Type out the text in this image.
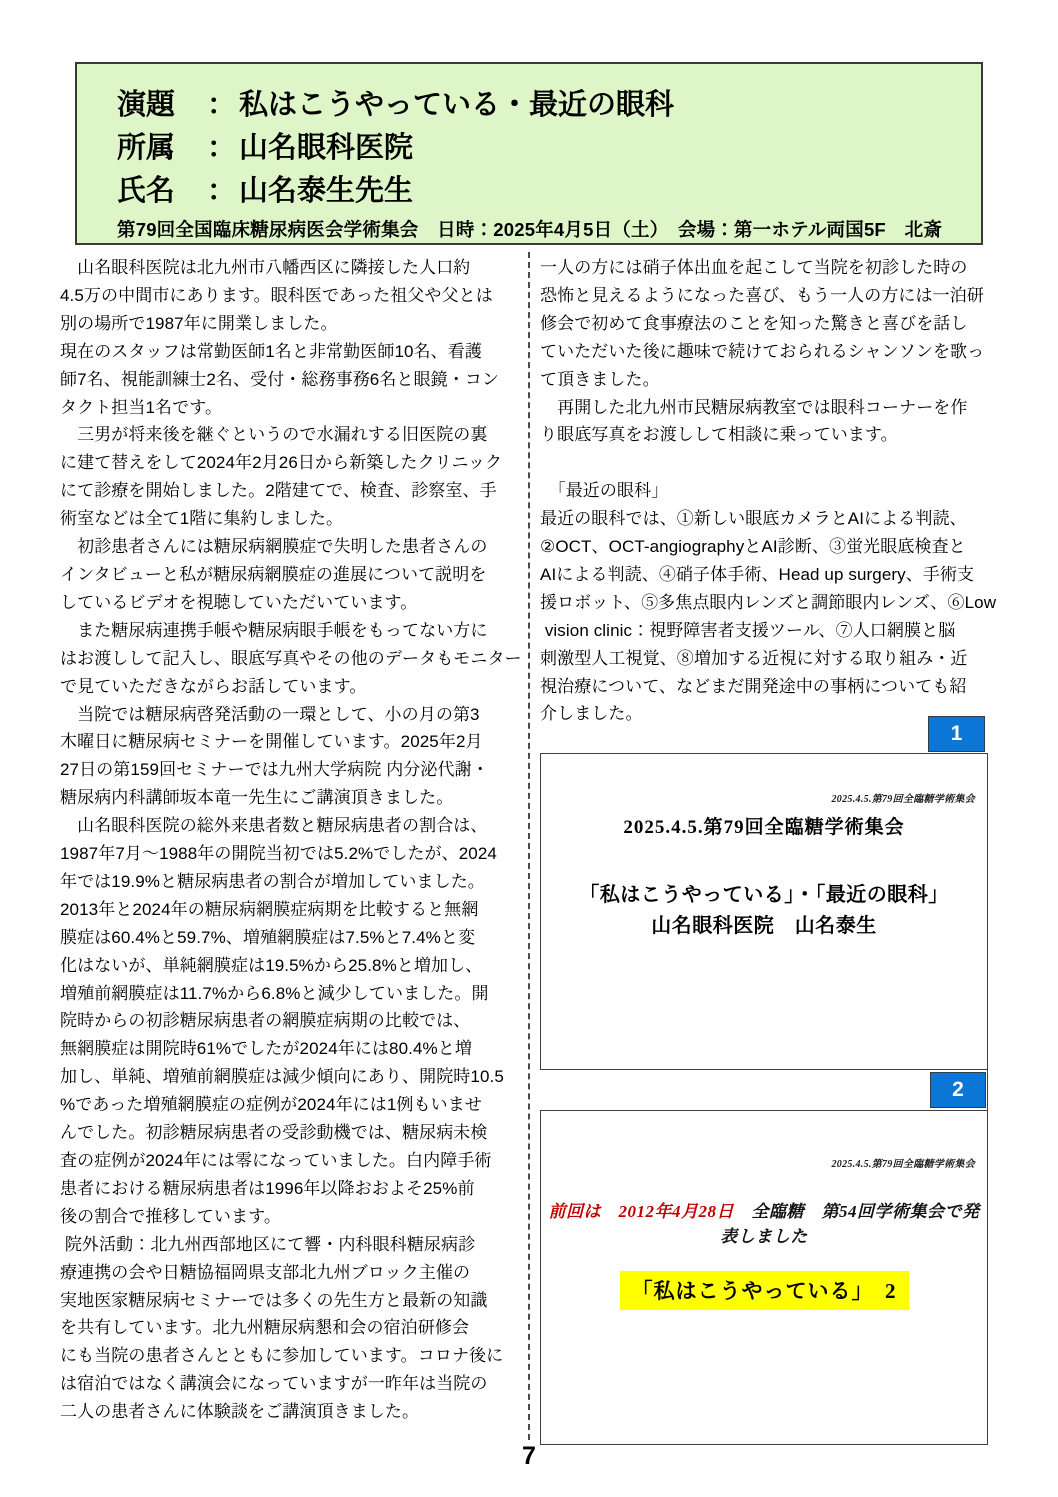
演題	： 私はこうやっている・最近の眼科
所属	： 山名眼科医院
氏名	： 山名泰生先生
第79回全国臨床糖尿病医会学術集会　日時：2025年4月5日（土）　会場：第一ホテル両国5F　北斎
　山名眼科医院は北九州市八幡西区に隣接した人口約
4.5万の中間市にあります。眼科医であった祖父や父とは
別の場所で1987年に開業しました。
現在のスタッフは常勤医師1名と非常勤医師10名、看護
師7名、視能訓練士2名、受付・総務事務6名と眼鏡・コン
タクト担当1名です。
　三男が将来後を継ぐというので水漏れする旧医院の裏
に建て替えをして2024年2月26日から新築したクリニック
にて診療を開始しました。2階建てで、検査、診察室、手
術室などは全て1階に集約しました。
　初診患者さんには糖尿病網膜症で失明した患者さんの
インタビューと私が糖尿病網膜症の進展について説明を
しているビデオを視聴していただいています。
　また糖尿病連携手帳や糖尿病眼手帳をもってない方に
はお渡しして記入し、眼底写真やその他のデータもモニター
で見ていただきながらお話しています。
　当院では糖尿病啓発活動の一環として、小の月の第3
木曜日に糖尿病セミナーを開催しています。2025年2月
27日の第159回セミナーでは九州大学病院 内分泌代謝・
糖尿病内科講師坂本竜一先生にご講演頂きました。
　山名眼科医院の総外来患者数と糖尿病患者の割合は、
1987年7月～1988年の開院当初では5.2%でしたが、2024
年では19.9%と糖尿病患者の割合が増加していました。
2013年と2024年の糖尿病網膜症病期を比較すると無網
膜症は60.4%と59.7%、増殖網膜症は7.5%と7.4%と変
化はないが、単純網膜症は19.5%から25.8%と増加し、
増殖前網膜症は11.7%から6.8%と減少していました。開
院時からの初診糖尿病患者の網膜症病期の比較では、
無網膜症は開院時61%でしたが2024年には80.4%と増
加し、単純、増殖前網膜症は減少傾向にあり、開院時10.5
%であった増殖網膜症の症例が2024年には1例もいませ
んでした。初診糖尿病患者の受診動機では、糖尿病未検
査の症例が2024年には零になっていました。白内障手術
患者における糖尿病患者は1996年以降おおよそ25%前
後の割合で推移しています。
院外活動：北九州西部地区にて響・内科眼科糖尿病診
療連携の会や日糖協福岡県支部北九州ブロック主催の
実地医家糖尿病セミナーでは多くの先生方と最新の知識
を共有しています。北九州糖尿病懇和会の宿泊研修会
にも当院の患者さんとともに参加しています。コロナ後に
は宿泊ではなく講演会になっていますが一昨年は当院の
二人の患者さんに体験談をご講演頂きました。
一人の方には硝子体出血を起こして当院を初診した時の
恐怖と見えるようになった喜び、もう一人の方には一泊研
修会で初めて食事療法のことを知った驚きと喜びを話し
ていただいた後に趣味で続けておられるシャンソンを歌っ
て頂きました。
　再開した北九州市民糖尿病教室では眼科コーナーを作
り眼底写真をお渡しして相談に乗っています。
　「最近の眼科」
最近の眼科では、①新しい眼底カメラとAIによる判読、
②OCT、OCT-angiographyとAI診断、③蛍光眼底検査と
AIによる判読、④硝子体手術、Head up surgery、手術支
援ロボット、⑤多焦点眼内レンズと調節眼内レンズ、⑥Low
vision clinic：視野障害者支援ツール、⑦人口網膜と脳
刺激型人工視覚、⑧増加する近視に対する取り組み・近
視治療について、などまだ開発途中の事柄についても紹
介しました。
1
2025.4.5.第79回全臨糖学術集会
2025.4.5.第79回全臨糖学術集会
「私はこうやっている」・「最近の眼科」
山名眼科医院　山名泰生
2
2025.4.5.第79回全臨糖学術集会
前回は　2012年4月28日　全臨糖　第54回学術集会で発表しました
「私はこうやっている」　2
7
